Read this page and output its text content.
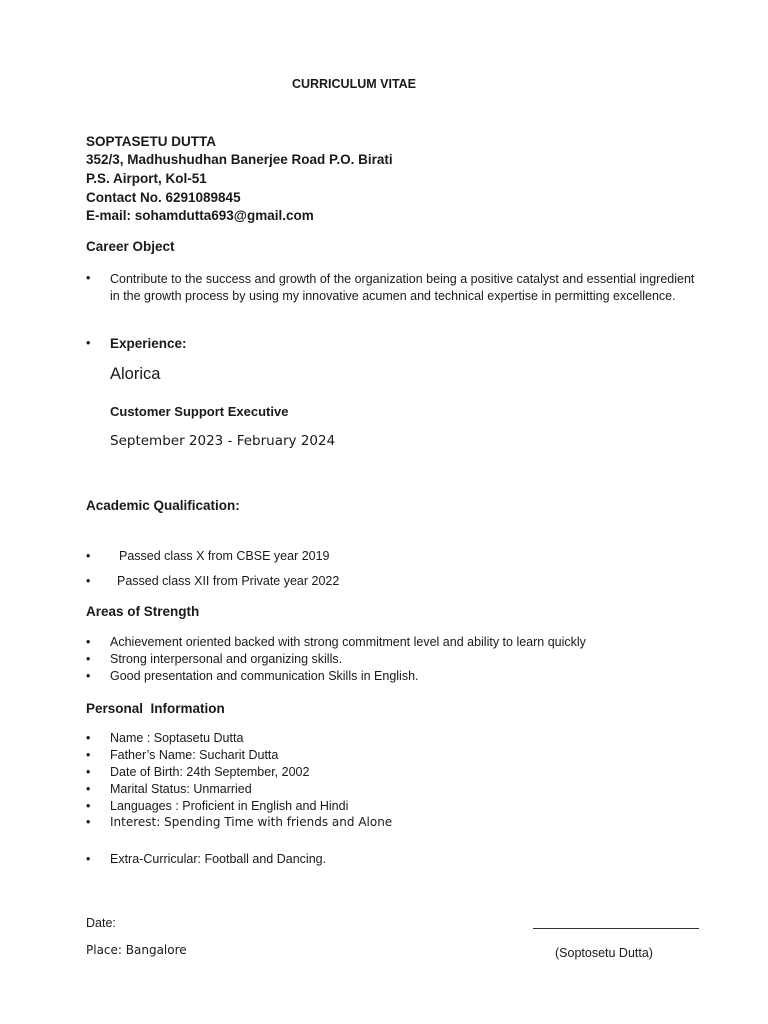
CURRICULUM VITAE
SOPTASETU DUTTA
352/3, Madhushudhan Banerjee Road P.O. Birati
P.S. Airport, Kol-51
Contact No. 6291089845
E-mail: sohamdutta693@gmail.com
Career Object
• Contribute to the success and growth of the organization being a positive catalyst and essential ingredient in the growth process by using my innovative acumen and technical expertise in permitting excellence.
• Experience:
Alorica
Customer Support Executive
September 2023 - February 2024
Academic Qualification:
• Passed class X from CBSE year 2019
• Passed class XII from Private year 2022
Areas of Strength
• Achievement oriented backed with strong commitment level and ability to learn quickly
• Strong interpersonal and organizing skills.
• Good presentation and communication Skills in English.
Personal  Information
• Name : Soptasetu Dutta
• Father’s Name: Sucharit Dutta
• Date of Birth: 24th September, 2002
• Marital Status: Unmarried
• Languages : Proficient in English and Hindi
• Interest: Spending Time with friends and Alone
• Extra-Curricular: Football and Dancing.
Date:
Place: Bangalore	(Soptosetu Dutta)
